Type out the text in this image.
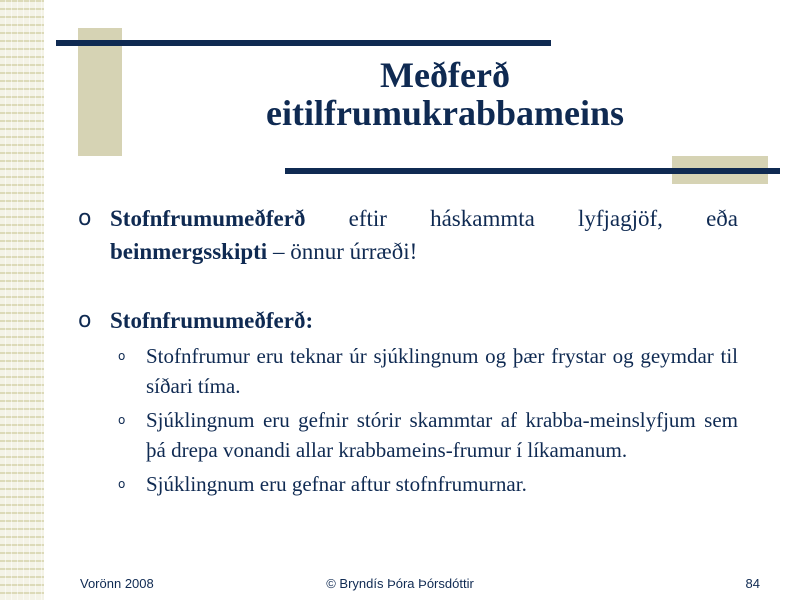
Meðferð
eitilfrumukrabbameins
o Stofnfrumumeðferð eftir háskammta lyfjagjöf, eða beinmergsskipti – önnur úrræði!
o Stofnfrumumeðferð:
o Stofnfrumur eru teknar úr sjúklingnum og þær frystar og geymdar til síðari tíma.
o Sjúklingnum eru gefnir stórir skammtar af krabba-meinslyfjum sem þá drepa vonandi allar krabbameins-frumur í líkamanum.
o Sjúklingnum eru gefnar aftur stofnfrumurnar.
Vorönn 2008	© Bryndís Þóra Þórsdóttir	84
